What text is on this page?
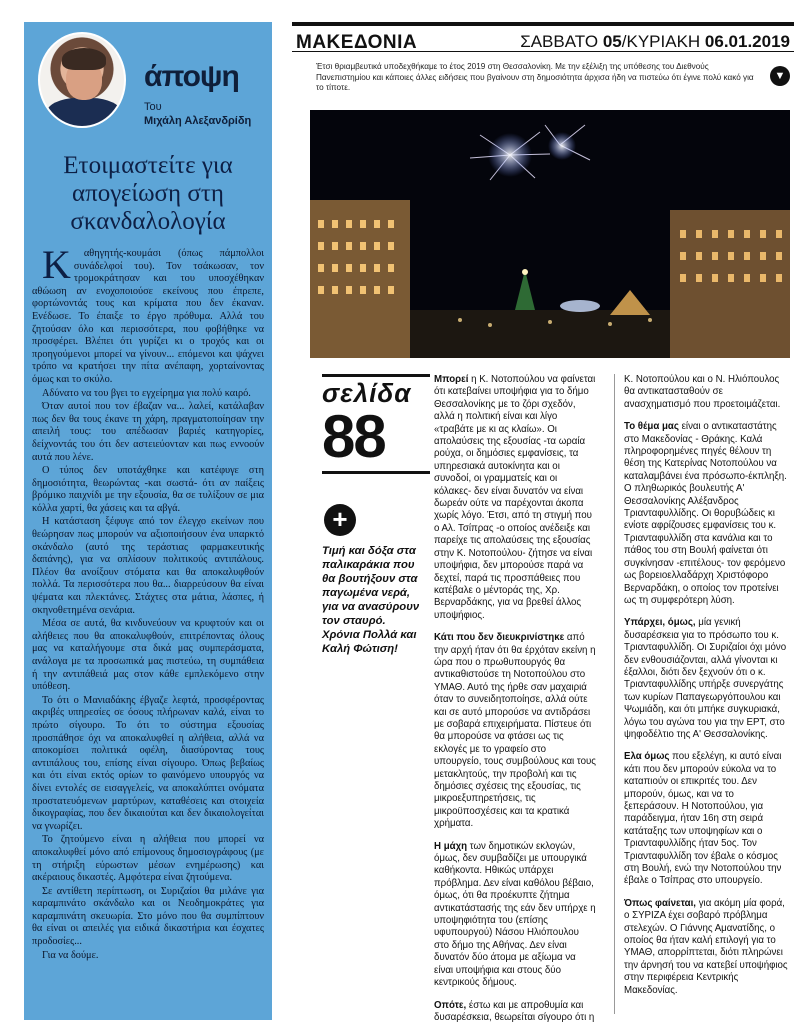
άποψη
Του
Μιχάλη Αλεξανδρίδη
Ετοιμαστείτε για απογείωση στη σκανδαλολογία

Καθηγητής-κουμάσι (όπως πάμπολλοι συνάδελφοί του). Τον τσάκωσαν, τον τρομοκράτησαν και του υποσχέθηκαν αθώωση αν ενοχοποιούσε εκείνους που έπρεπε, φορτώνοντάς τους και κρίματα που δεν έκαναν. Ενέδωσε. Το έπαιξε το έργο πρόθυμα. Αλλά του ζητούσαν όλο και περισσότερα, που φοβήθηκε να προσφέρει. Βλέπει ότι γυρίζει κι ο τροχός και οι προηγούμενοι μπορεί να γίνουν... επόμενοι και ψάχνει τρόπο να κρατήσει την πίτα ανέπαφη, χορταίνοντας όμως και το σκύλο.

Αδύνατο να του βγει το εγχείρημα για πολύ καιρό.

Όταν αυτοί που τον έβαζαν να... λαλεί, κατάλαβαν πως δεν θα τους έκανε τη χάρη, πραγματοποίησαν την απειλή τους: του απέδωσαν βαριές κατηγορίες, δείχνοντάς του ότι δεν αστειεύονταν και πως εννοούν αυτά που λένε.

Ο τύπος δεν υποτάχθηκε και κατέφυγε στη δημοσιότητα, θεωρώντας -και σωστά- ότι αν παίξεις βρόμικο παιχνίδι με την εξουσία, θα σε τυλίξουν σε μια κόλλα χαρτί, θα χάσεις και τα αβγά.

Η κατάσταση ξέφυγε από τον έλεγχο εκείνων που θεώρησαν πως μπορούν να αξιοποιήσουν ένα υπαρκτό σκάνδαλο (αυτό της τεράστιας φαρμακευτικής δαπάνης), για να οπλίσουν πολιτικούς αντιπάλους. Πλέον θα ανοίξουν στόματα και θα αποκαλυφθούν πολλά. Τα περισσότερα που θα... διαρρεύσουν θα είναι ψέματα και πλεκτάνες. Στάχτες στα μάτια, λάσπες, ή σκηνοθετημένα σενάρια.

Μέσα σε αυτά, θα κινδυνεύουν να κρυφτούν και οι αλήθειες που θα αποκαλυφθούν, επιτρέποντας όλους μας να καταλήγουμε στα δικά μας συμπεράσματα, ανάλογα με τα προσωπικά μας πιστεύω, τη συμπάθεια ή την αντιπάθειά μας στον κάθε εμπλεκόμενο στην υπόθεση.

Το ότι ο Μανιαδάκης έβγαζε λεφτά, προσφέροντας ακριβές υπηρεσίες σε όσους πλήρωναν καλά, είναι το πρώτο σίγουρο. Το ότι το σύστημα εξουσίας προσπάθησε όχι να αποκαλυφθεί η αλήθεια, αλλά να αποκομίσει πολιτικά οφέλη, διασύροντας τους αντιπάλους του, επίσης είναι σίγουρο. Όπως βεβαίως και ότι είναι εκτός ορίων το φαινόμενο υπουργός να δίνει εντολές σε εισαγγελείς, να αποκαλύπτει ονόματα προστατευόμενων μαρτύρων, καταθέσεις και στοιχεία δικογραφίας, που δεν δικαιούται και δεν δικαιολογείται να γνωρίζει.

Το ζητούμενο είναι η αλήθεια που μπορεί να αποκαλυφθεί μόνο από επίμονους δημοσιογράφους (με τη στήριξη εύρωστων μέσων ενημέρωσης) και ακέραιους δικαστές. Αμφότερα είναι ζητούμενα.

Σε αντίθετη περίπτωση, οι Συριζαίοι θα μιλάνε για καραμπινάτο σκάνδαλο και οι Νεοδημοκράτες για καραμπινάτη σκευωρία. Στο μόνο που θα συμπίπτουν θα είναι οι απειλές για ειδικά δικαστήρια και έσχατες προδοσίες...

Για να δούμε.

ΜΑΚΕΔΟΝΙΑ	ΣΑΒΒΑΤΟ 05/ΚΥΡΙΑΚΗ 06.01.2019
Έτσι θριαμβευτικά υποδεχθήκαμε το έτος 2019 στη Θεσσαλονίκη. Με την εξέλιξη της υπόθεσης του Διεθνούς Πανεπιστημίου και κάποιες άλλες ειδήσεις που βγαίνουν στη δημοσιότητα άρχισα ήδη να πιστεύω ότι έγινε πολύ κακό για το τίποτε.
▼
σελίδα
88
+
Τιμή και δόξα στα παλικαράκια που θα βουτήξουν στα παγωμένα νερά, για να ανασύρουν τον σταυρό. Χρόνια Πολλά και Καλή Φώτιση!

Μπορεί η Κ. Νοτοπούλου να φαίνεται ότι κατεβαίνει υποψήφια για το δήμο Θεσσαλονίκης με το ζόρι σχεδόν, αλλά η πολιτική είναι και λίγο «τραβάτε με κι ας κλαίω». Οι απολαύσεις της εξουσίας -τα ωραία ρούχα, οι δημόσιες εμφανίσεις, τα υπηρεσιακά αυτοκίνητα και οι συνοδοί, οι γραμματείς και οι κόλακες- δεν είναι δυνατόν να είναι δωρεάν ούτε να παρέχονται άκοπα χωρίς λόγο. Έτσι, από τη στιγμή που ο Αλ. Τσίπρας -ο οποίος ανέδειξε και παρείχε τις απολαύσεις της εξουσίας στην Κ. Νοτοπούλου- ζήτησε να είναι υποψήφια, δεν μπορούσε παρά να δεχτεί, παρά τις προσπάθειες που κατέβαλε ο μέντοράς της, Χρ. Βερναρδάκης, για να βρεθεί άλλος υποψήφιος.

Κάτι που δεν διευκρινίστηκε από την αρχή ήταν ότι θα έρχόταν εκείνη η ώρα που ο πρωθυπουργός θα αντικαθιστούσε τη Νοτοπούλου στο ΥΜΑΘ. Αυτό της ήρθε σαν μαχαιριά όταν το συνειδητοποίησε, αλλά ούτε και σε αυτό μπορούσε να αντιδράσει με σοβαρά επιχειρήματα. Πίστευε ότι θα μπορούσε να φτάσει ως τις εκλογές με το γραφείο στο υπουργείο, τους συμβούλους και τους μετακλητούς, την προβολή και τις δημόσιες σχέσεις της εξουσίας, τις μικροεξυπηρετήσεις, τις μικροϋποσχέσεις και τα κρατικά χρήματα.

Η μάχη των δημοτικών εκλογών, όμως, δεν συμβαδίζει με υπουργικά καθήκοντα. Ηθικώς υπάρχει πρόβλημα. Δεν είναι καθόλου βέβαιο, όμως, ότι θα προέκυπτε ζήτημα αντικατάστασής της εάν δεν υπήρχε η υποψηφιότητα του (επίσης υφυπουργού) Νάσου Ηλιόπουλου στο δήμο της Αθήνας. Δεν είναι δυνατόν δύο άτομα με αξίωμα να είναι υποψήφια και στους δύο κεντρικούς δήμους.

Οπότε, έστω και με απροθυμία και δυσαρέσκεια, θεωρείται σίγουρο ότι η

Κ. Νοτοπούλου και ο Ν. Ηλιόπουλος θα αντικατασταθούν σε ανασχηματισμό που προετοιμάζεται.

Το θέμα μας είναι ο αντικαταστάτης στο Μακεδονίας - Θράκης. Καλά πληροφορημένες πηγές θέλουν τη θέση της Κατερίνας Νοτοπούλου να καταλαμβάνει ένα πρόσωπο-έκπληξη. Ο πληθωρικός βουλευτής Α' Θεσσαλονίκης Αλέξανδρος Τριανταφυλλίδης. Οι θορυβώδεις κι ενίοτε αφρίζουσες εμφανίσεις του κ. Τριανταφυλλίδη στα κανάλια και το πάθος του στη Βουλή φαίνεται ότι συγκίνησαν -επιτέλους- τον φερόμενο ως βορειοελλαδάρχη Χριστόφορο Βερναρδάκη, ο οποίος τον προτείνει ως τη συμφερότερη λύση.

Υπάρχει, όμως, μία γενική δυσαρέσκεια για το πρόσωπο του κ. Τριανταφυλλίδη. Οι Συριζαίοι όχι μόνο δεν ενθουσιάζονται, αλλά γίνονται κι έξαλλοι, διότι δεν ξεχνούν ότι ο κ. Τριανταφυλλίδης υπήρξε συνεργάτης των κυρίων Παπαγεωργόπουλου και Ψωμιάδη, και ότι μπήκε συγκυριακά, λόγω του αγώνα του για την ΕΡΤ, στο ψηφοδέλτιο της Α' Θεσσαλονίκης.

Ελα όμως που εξελέγη, κι αυτό είναι κάτι που δεν μπορούν εύκολα να το καταπιούν οι επικριτές του. Δεν μπορούν, όμως, και να το ξεπεράσουν. Η Νοτοπούλου, για παράδειγμα, ήταν 16η στη σειρά κατάταξης των υποψηφίων και ο Τριανταφυλλίδης ήταν 5ος. Τον Τριανταφυλλίδη τον έβαλε ο κόσμος στη Βουλή, ενώ την Νοτοπούλου την έβαλε ο Τσίπρας στο υπουργείο.

Όπως φαίνεται, για ακόμη μία φορά, ο ΣΥΡΙΖΑ έχει σοβαρό πρόβλημα στελεχών. Ο Γιάννης Αμανατίδης, ο οποίος θα ήταν καλή επιλογή για το ΥΜΑΘ, απορρίπτεται, διότι πληρώνει την άρνησή του να κατεβεί υποψήφιος στην περιφέρεια Κεντρικής Μακεδονίας.
